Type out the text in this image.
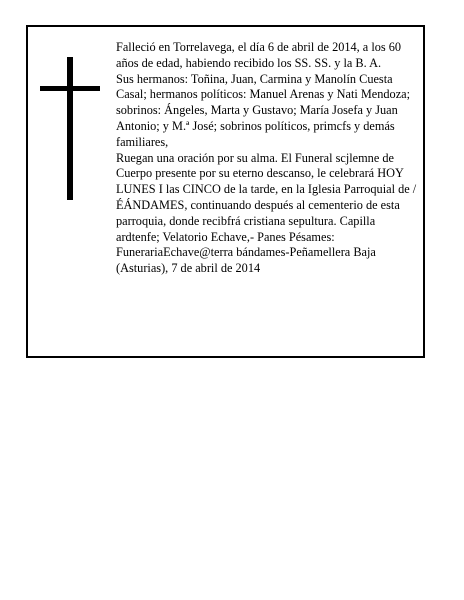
Falleció en Torrelavega, el día 6 de abril de 2014, a los 60 años de edad, habiendo recibido los SS. SS. y la B. A.

Sus hermanos: Toñina, Juan, Carmina y Manolín Cuesta Casal; hermanos políticos: Manuel Arenas y Nati Mendoza; sobrinos: Ángeles, Marta y Gustavo; María Josefa y Juan Antonio; y M.ª José; sobrinos políticos, primcfs y demás familiares,

Ruegan una oración por su alma. El Funeral scjlemne de Cuerpo presente por su eterno descanso, le celebrará HOY LUNES I las CINCO de la tarde, en la Iglesia Parroquial de /ÉÁNDAMES, continuando después al cementerio de esta parroquia, donde recibfrá cristiana sepultura. Capilla ardtenfe; Velatorio Echave,- Panes Pésames: FunerariaEchave@terra bándames-Peñamellera Baja (Asturias), 7 de abril de 2014
